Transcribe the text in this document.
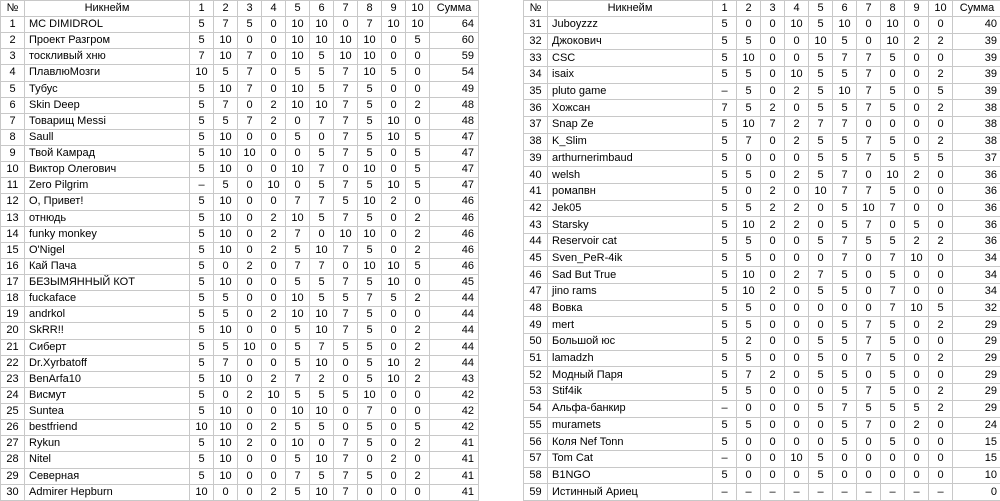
№	Никнейм	1	2	3	4	5	6	7	8	9	10	Сумма
1	MC DIMIDROL	5	7	5	0	10	10	0	7	10	10	64
2	Проект Разгром	5	10	0	0	10	10	10	10	0	5	60
3	тоскливый хню	7	10	7	0	10	5	10	10	0	0	59
4	ПлавлюМозги	10	5	7	0	5	5	7	10	5	0	54
5	Тубус	5	10	7	0	10	5	7	5	0	0	49
6	Skin Deep	5	7	0	2	10	10	7	5	0	2	48
7	Товарищ Messi	5	5	7	2	0	7	7	5	10	0	48
8	Saull	5	10	0	0	5	0	7	5	10	5	47
9	Твой Камрад	5	10	10	0	0	5	7	5	0	5	47
10	Виктор Олегович	5	10	0	0	10	7	0	10	0	5	47
11	Zero Pilgrim	–	5	0	10	0	5	7	5	10	5	47
12	О, Привет!	5	10	0	0	7	7	5	10	2	0	46
13	отнюдь	5	10	0	2	10	5	7	5	0	2	46
14	funky monkey	5	10	0	2	7	0	10	10	0	2	46
15	O'Nigel	5	10	0	2	5	10	7	5	0	2	46
16	Кай Пача	5	0	2	0	7	7	0	10	10	5	46
17	БЕЗЫМЯННЫЙ КОТ	5	10	0	0	5	5	7	5	10	0	45
18	fuckaface	5	5	0	0	10	5	5	7	5	2	44
19	andrkol	5	5	0	2	10	10	7	5	0	0	44
20	SkRR!!	5	10	0	0	5	10	7	5	0	2	44
21	Сиберт	5	5	10	0	5	7	5	5	0	2	44
22	Dr.Xyrbatoff	5	7	0	0	5	10	0	5	10	2	44
23	BenArfa10	5	10	0	2	7	2	0	5	10	2	43
24	Висмут	5	0	2	10	5	5	5	10	0	0	42
25	Suntea	5	10	0	0	10	10	0	7	0	0	42
26	bestfriend	10	10	0	2	5	5	0	5	0	5	42
27	Rykun	5	10	2	0	10	0	7	5	0	2	41
28	Nitel	5	10	0	0	5	10	7	0	2	0	41
29	Северная	5	10	0	0	7	5	7	5	0	2	41
30	Admirer Hepburn	10	0	0	2	5	10	7	0	0	0	41
№	Никнейм	1	2	3	4	5	6	7	8	9	10	Сумма
31	Juboyzzz	5	0	0	10	5	10	0	10	0	0	40
32	Джокович	5	5	0	0	10	5	0	10	2	2	39
33	CSC	5	10	0	0	5	7	7	5	0	0	39
34	isaix	5	5	0	10	5	5	7	0	0	2	39
35	pluto game	–	5	0	2	5	10	7	5	0	5	39
36	Хожсан	7	5	2	0	5	5	7	5	0	2	38
37	Snap Ze	5	10	7	2	7	7	0	0	0	0	38
38	K_Slim	5	7	0	2	5	5	7	5	0	2	38
39	arthurnerimbaud	5	0	0	0	5	5	7	5	5	5	37
40	welsh	5	5	0	2	5	7	0	10	2	0	36
41	ромапвн	5	0	2	0	10	7	7	5	0	0	36
42	Jek05	5	5	2	2	0	5	10	7	0	0	36
43	Starsky	5	10	2	2	0	5	7	0	5	0	36
44	Reservoir cat	5	5	0	0	5	7	5	5	2	2	36
45	Sven_PeR-4ik	5	5	0	0	0	7	0	7	10	0	34
46	Sad But True	5	10	0	2	7	5	0	5	0	0	34
47	jino rams	5	10	2	0	5	5	0	7	0	0	34
48	Вовка	5	5	0	0	0	0	0	7	10	5	32
49	mert	5	5	0	0	0	5	7	5	0	2	29
50	Большой юс	5	2	0	0	5	5	7	5	0	0	29
51	lamadzh	5	5	0	0	5	0	7	5	0	2	29
52	Модный Паря	5	7	2	0	5	5	0	5	0	0	29
53	Stif4ik	5	5	0	0	0	5	7	5	0	2	29
54	Альфа-банкир	–	0	0	0	5	7	5	5	5	2	29
55	muramets	5	5	0	0	0	5	7	0	2	0	24
56	Коля Nef Tonn	5	0	0	0	0	5	0	5	0	0	15
57	Tom Cat	–	0	0	10	5	0	0	0	0	0	15
58	B1NGO	5	0	0	0	5	0	0	0	0	0	10
59	Истинный Ариец	–	–	–	–	–	–	–	–	–	–	0
